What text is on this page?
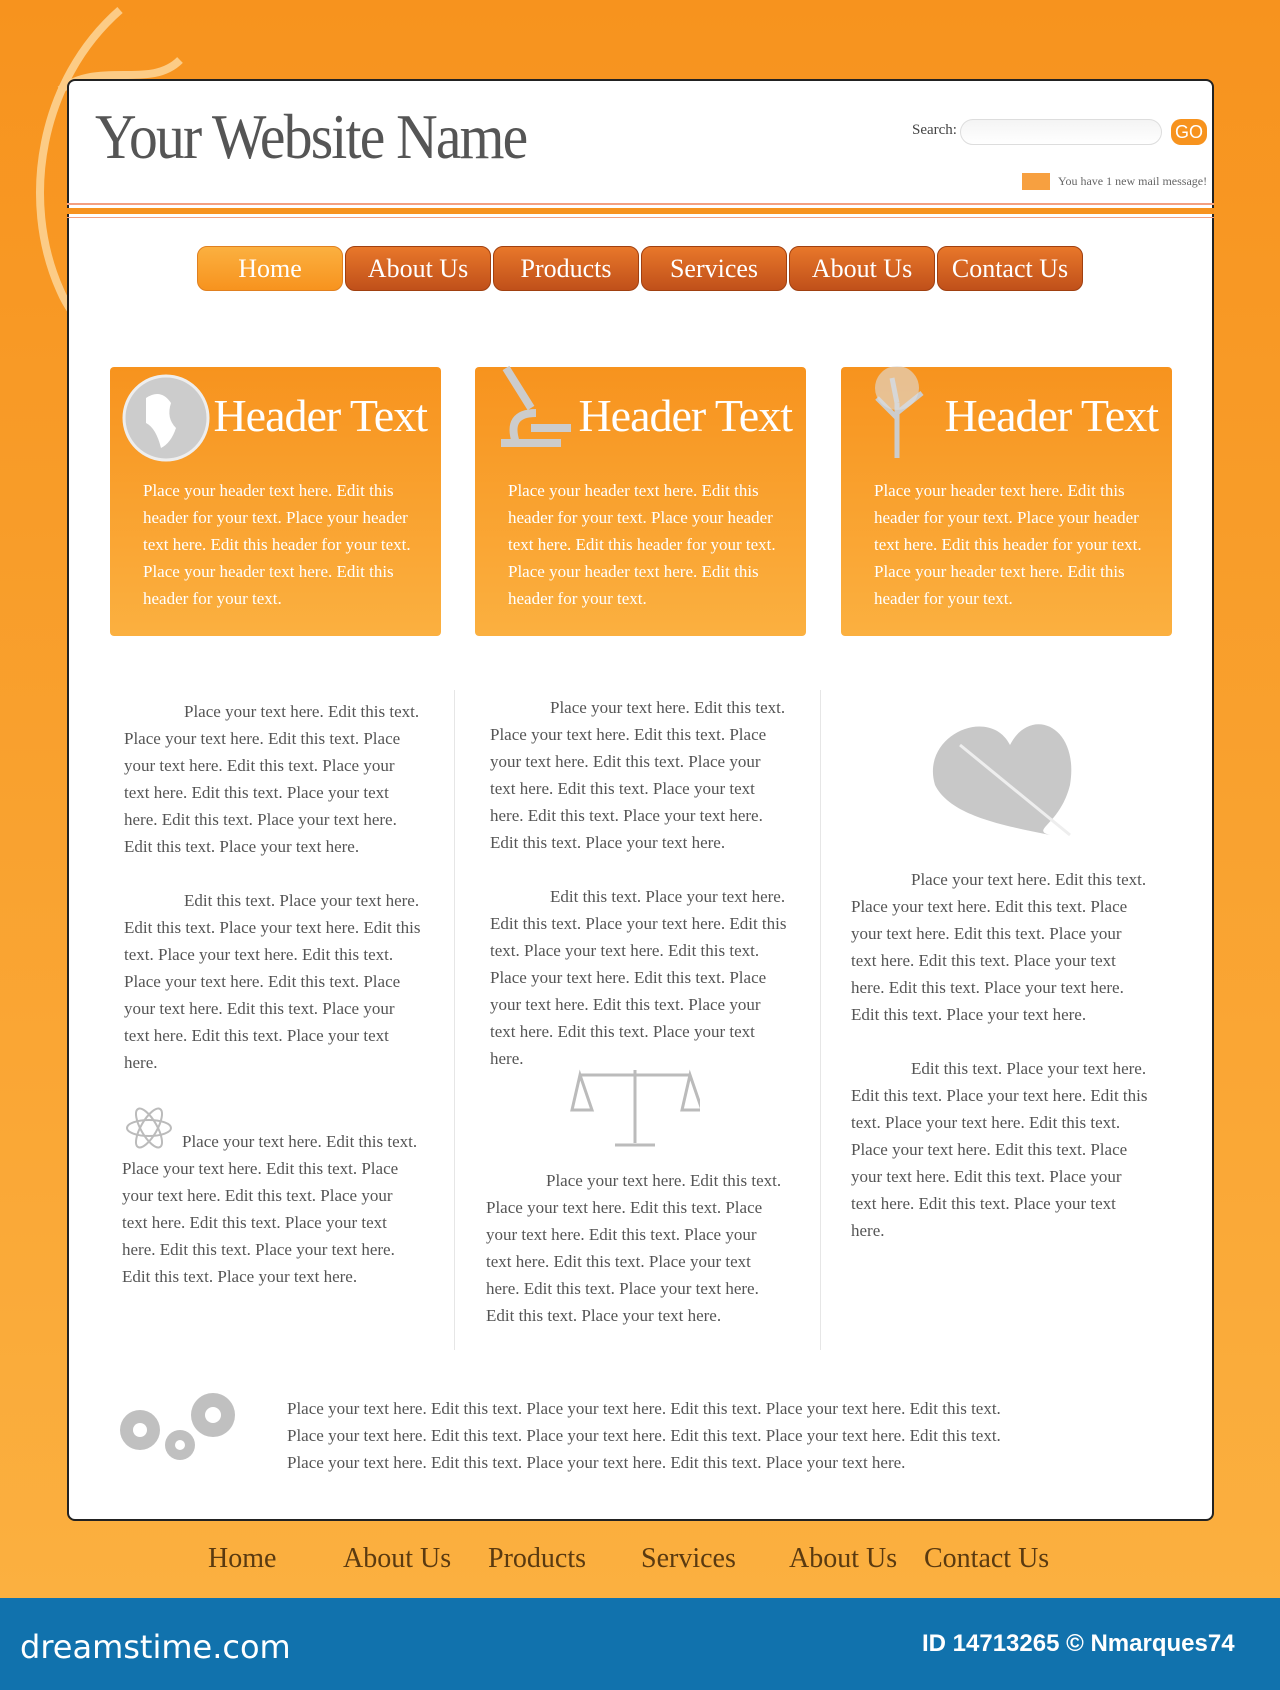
Your Website Name	Search:	GO
You have 1 new mail message!
Home	About Us	Products	Services	About Us	Contact Us
Header Text

Place your header text here. Edit this header for your text. Place your header text here. Edit this header for your text. Place your header text here. Edit this header for your text.

Header Text

Place your header text here. Edit this header for your text. Place your header text here. Edit this header for your text. Place your header text here. Edit this header for your text.

Header Text

Place your header text here. Edit this header for your text. Place your header text here. Edit this header for your text. Place your header text here. Edit this header for your text.

Place your text here. Edit this text. Place your text here. Edit this text. Place your text here. Edit this text. Place your text here. Edit this text. Place your text here. Edit this text. Place your text here. Edit this text. Place your text here.

Edit this text. Place your text here. Edit this text. Place your text here. Edit this text. Place your text here. Edit this text. Place your text here. Edit this text. Place your text here. Edit this text. Place your text here. Edit this text. Place your text here.

Place your text here. Edit this text. Place your text here. Edit this text. Place your text here. Edit this text. Place your text here. Edit this text. Place your text here. Edit this text. Place your text here. Edit this text. Place your text here.

Place your text here. Edit this text. Place your text here. Edit this text. Place your text here. Edit this text. Place your text here. Edit this text. Place your text here. Edit this text. Place your text here. Edit this text. Place your text here.

Edit this text. Place your text here. Edit this text. Place your text here. Edit this text. Place your text here. Edit this text. Place your text here. Edit this text. Place your text here. Edit this text. Place your text here. Edit this text. Place your text here.

Place your text here. Edit this text. Place your text here. Edit this text. Place your text here. Edit this text. Place your text here. Edit this text. Place your text here. Edit this text. Place your text here. Edit this text. Place your text here.

Place your text here. Edit this text. Place your text here. Edit this text. Place your text here. Edit this text. Place your text here. Edit this text. Place your text here. Edit this text. Place your text here. Edit this text. Place your text here.

Edit this text. Place your text here. Edit this text. Place your text here. Edit this text. Place your text here. Edit this text. Place your text here. Edit this text. Place your text here. Edit this text. Place your text here. Edit this text. Place your text here.

Place your text here. Edit this text. Place your text here. Edit this text. Place your text here. Edit this text. Place your text here. Edit this text. Place your text here. Edit this text. Place your text here. Edit this text. Place your text here. Edit this text. Place your text here. Edit this text. Place your text here.
Home About Us Products Services About Us Contact Us
dreamstime.com	ID 14713265 © Nmarques74
